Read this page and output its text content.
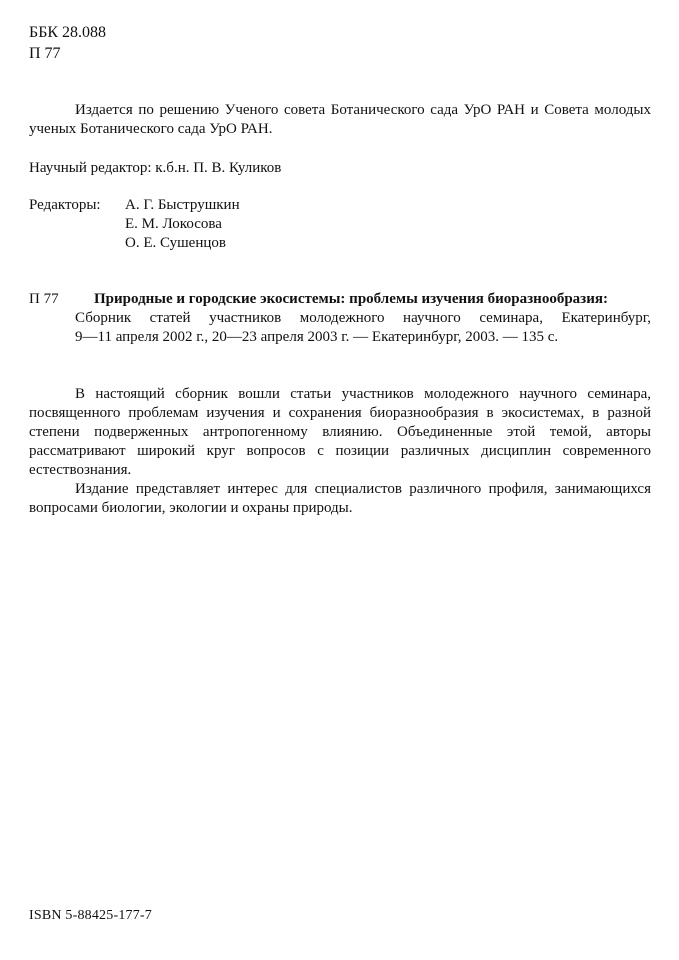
ББК 28.088
П 77
Издается по решению Ученого совета Ботанического сада УрО РАН и Совета молодых ученых Ботанического сада УрО РАН.
Научный редактор: к.б.н. П. В. Куликов
Редакторы: А. Г. Быструшкин
Е. М. Локосова
О. Е. Сушенцов
П 77	Природные и городские экосистемы: проблемы изучения биоразнообразия:
Сборник статей участников молодежного научного семинара, Екатеринбург,
9—11 апреля 2002 г., 20—23 апреля 2003 г. — Екатеринбург, 2003. — 135 с.

В настоящий сборник вошли статьи участников молодежного научного семинара, посвященного проблемам изучения и сохранения биоразнообразия в экосистемах, в разной степени подверженных антропогенному влиянию. Объединенные этой темой, авторы рассматривают широкий круг вопросов с позиции различных дисциплин современного естествознания.

Издание представляет интерес для специалистов различного профиля, занимающихся вопросами биологии, экологии и охраны природы.

ISBN 5-88425-177-7
